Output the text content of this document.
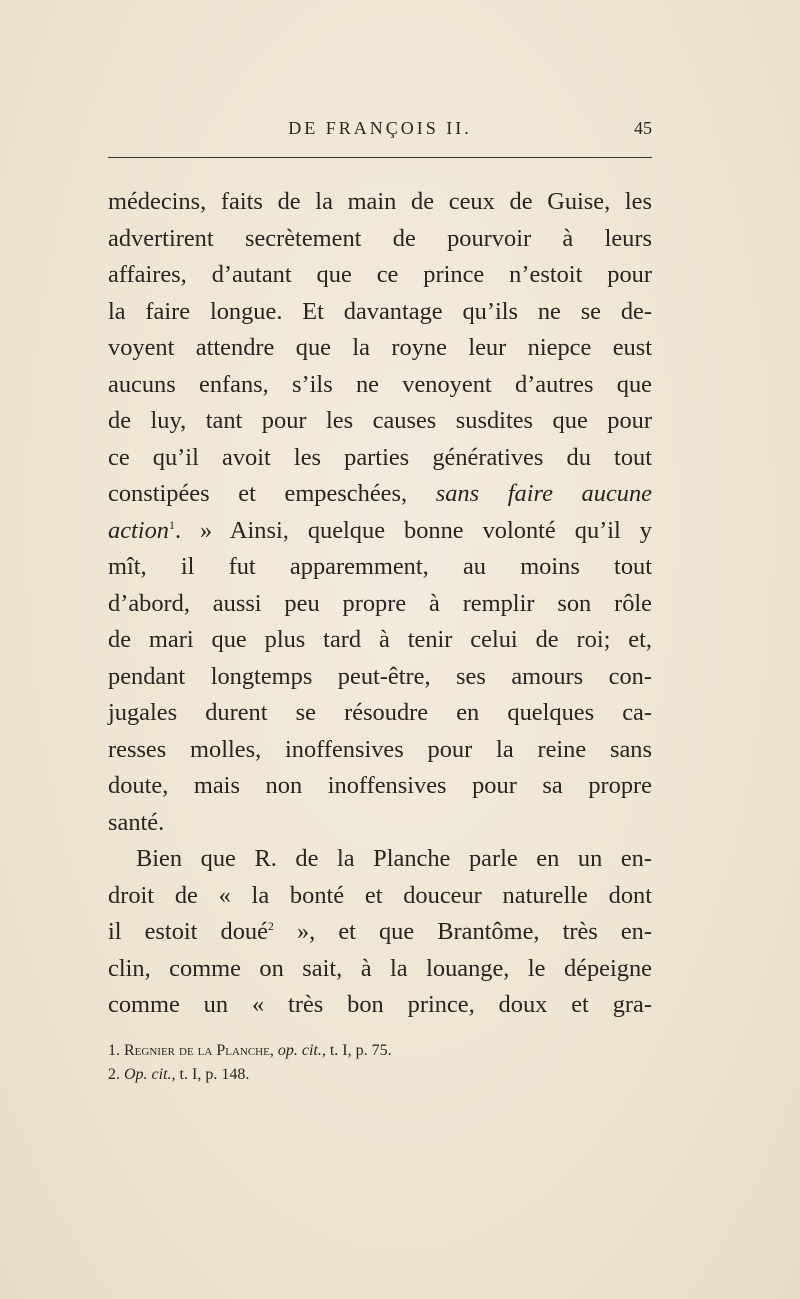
DE FRANÇOIS II.	45
médecins, faits de la main de ceux de Guise, les
advertirent secrètement de pourvoir à leurs
affaires, d’autant que ce prince n’estoit pour
la faire longue. Et davantage qu’ils ne se de-
voyent attendre que la royne leur niepce eust
aucuns enfans, s’ils ne venoyent d’autres que
de luy, tant pour les causes susdites que pour
ce qu’il avoit les parties génératives du tout
constipées et empeschées, sans faire aucune
action$^1$. » Ainsi, quelque bonne volonté qu’il y
mît, il fut apparemment, au moins tout
d’abord, aussi peu propre à remplir son rôle
de mari que plus tard à tenir celui de roi; et,
pendant longtemps peut-être, ses amours con-
jugales durent se résoudre en quelques ca-
resses molles, inoffensives pour la reine sans
doute, mais non inoffensives pour sa propre
santé.
Bien que R. de la Planche parle en un en-
droit de « la bonté et douceur naturelle dont
il estoit doué$^2$ », et que Brantôme, très en-
clin, comme on sait, à la louange, le dépeigne
comme un « très bon prince, doux et gra-
1. Regnier de la Planche, op. cit., t. I, p. 75.
2. Op. cit., t. I, p. 148.
